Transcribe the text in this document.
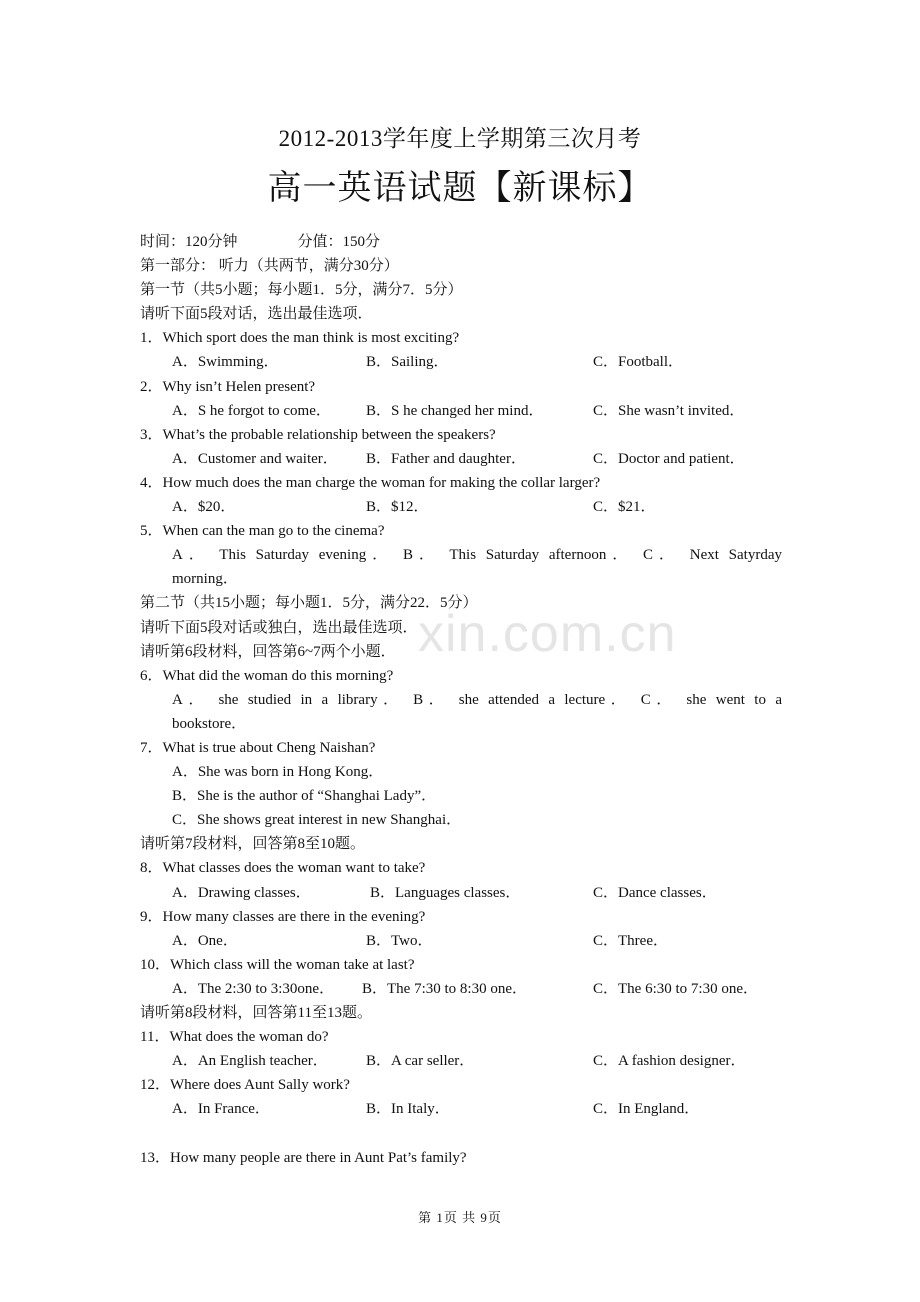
2012-2013学年度上学期第三次月考
高一英语试题【新课标】
xin.com.cn
时间：120分钟	分值：150分
第一部分： 听力（共两节，满分30分）
第一节（共5小题；每小题1．5分，满分7．5分）
请听下面5段对话，选出最佳选项．
1．Which sport does the man think is most exciting?
A．Swimming．	B．Sailing．	C．Football．
2．Why isn’t Helen present?
A．S he forgot to come． B．S he changed her mind．	C．She wasn’t invited．
3．What’s the probable relationship between the speakers?
A．Customer and waiter． B．Father and daughter．	C．Doctor and patient．
4．How much does the man charge the woman for making the collar larger?
A．$20．	B．$12．	C．$21．
5．When can the man go to the cinema?
A． This Saturday evening． B． This Saturday afternoon． C． Next Satyrday
morning．
第二节（共15小题；每小题1．5分，满分22．5分）
请听下面5段对话或独白，选出最佳选项．
请听第6段材料，回答第6~7两个小题．
6．What did the woman do this morning?
A． she studied in a library． B． she attended a lecture． C． she went to a
bookstore．
7．What is true about Cheng Naishan?
A．She was born in Hong Kong．
B．She is the author of “Shanghai Lady”．
C．She shows great interest in new Shanghai．
请听第7段材料，回答第8至10题。
8．What classes does the woman want to take?
A．Drawing classes．	B．Languages classes．	C．Dance classes．
9．How many classes are there in the evening?
A．One．	B．Two．	C．Three．
10．Which class will the woman take at last?
A．The 2:30 to 3:30one． B．The 7:30 to 8:30 one．	C．The 6:30 to 7:30 one．
请听第8段材料，回答第11至13题。
11．What does the woman do?
A．An English teacher．	B．A car seller．	C．A fashion designer．
12．Where does Aunt Sally work?
A．In France．	B．In Italy．	C．In England．
13．How many people are there in Aunt Pat’s family?
第 1页 共 9页
